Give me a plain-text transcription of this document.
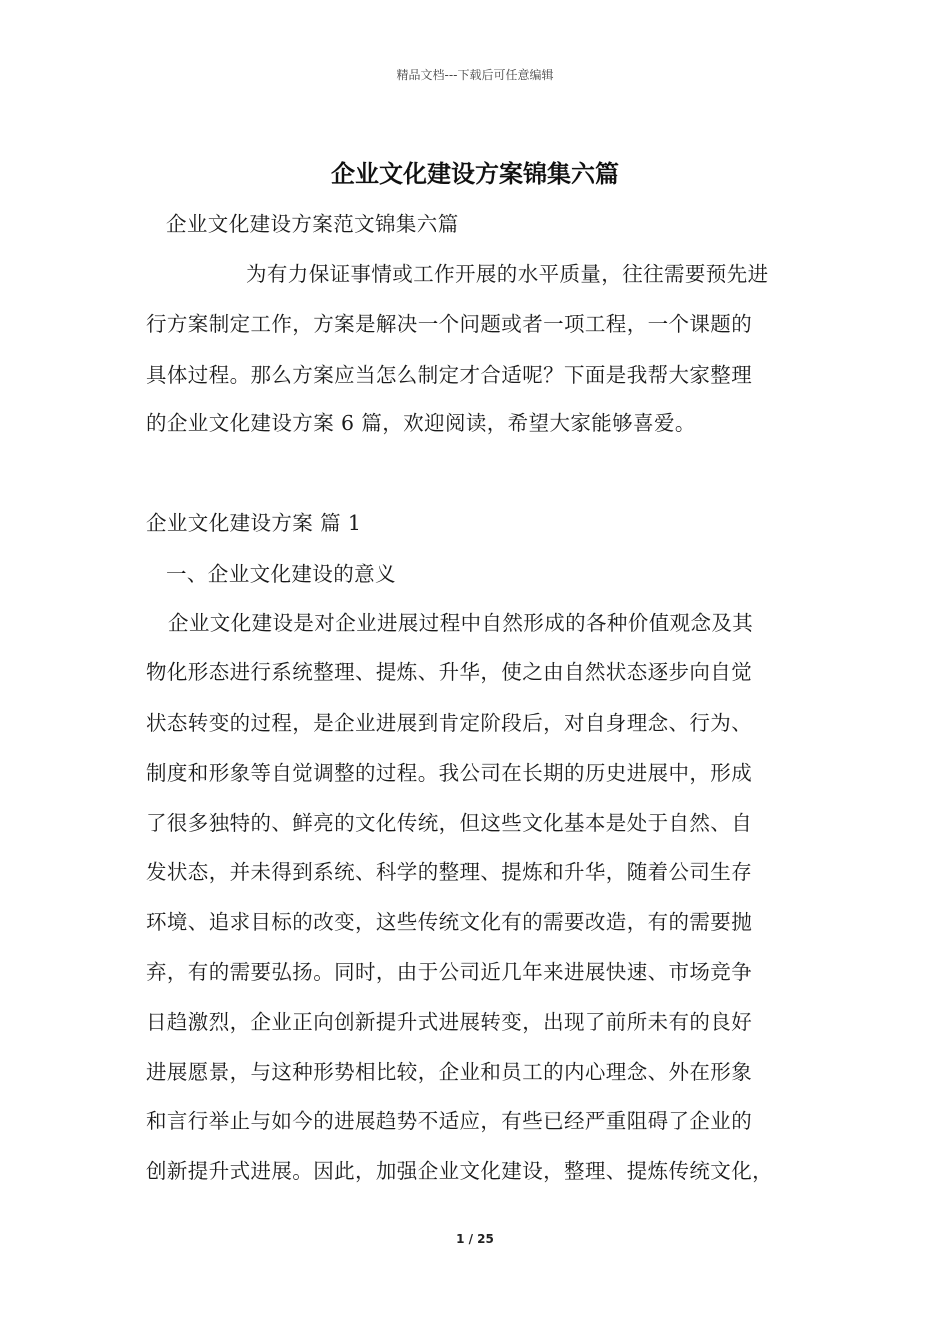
精品文档---下载后可任意编辑
企业文化建设方案锦集六篇
企业文化建设方案范文锦集六篇
为有力保证事情或工作开展的水平质量，往往需要预先进
行方案制定工作，方案是解决一个问题或者一项工程，一个课题的
具体过程。那么方案应当怎么制定才合适呢？下面是我帮大家整理
的企业文化建设方案 6 篇，欢迎阅读，希望大家能够喜爱。
企业文化建设方案 篇 1
一、企业文化建设的意义
企业文化建设是对企业进展过程中自然形成的各种价值观念及其
物化形态进行系统整理、提炼、升华，使之由自然状态逐步向自觉
状态转变的过程，是企业进展到肯定阶段后，对自身理念、行为、
制度和形象等自觉调整的过程。我公司在长期的历史进展中，形成
了很多独特的、鲜亮的文化传统，但这些文化基本是处于自然、自
发状态，并未得到系统、科学的整理、提炼和升华，随着公司生存
环境、追求目标的改变，这些传统文化有的需要改造，有的需要抛
弃，有的需要弘扬。同时，由于公司近几年来进展快速、市场竞争
日趋激烈，企业正向创新提升式进展转变，出现了前所未有的良好
进展愿景，与这种形势相比较，企业和员工的内心理念、外在形象
和言行举止与如今的进展趋势不适应，有些已经严重阻碍了企业的
创新提升式进展。因此，加强企业文化建设，整理、提炼传统文化，
1 / 25
